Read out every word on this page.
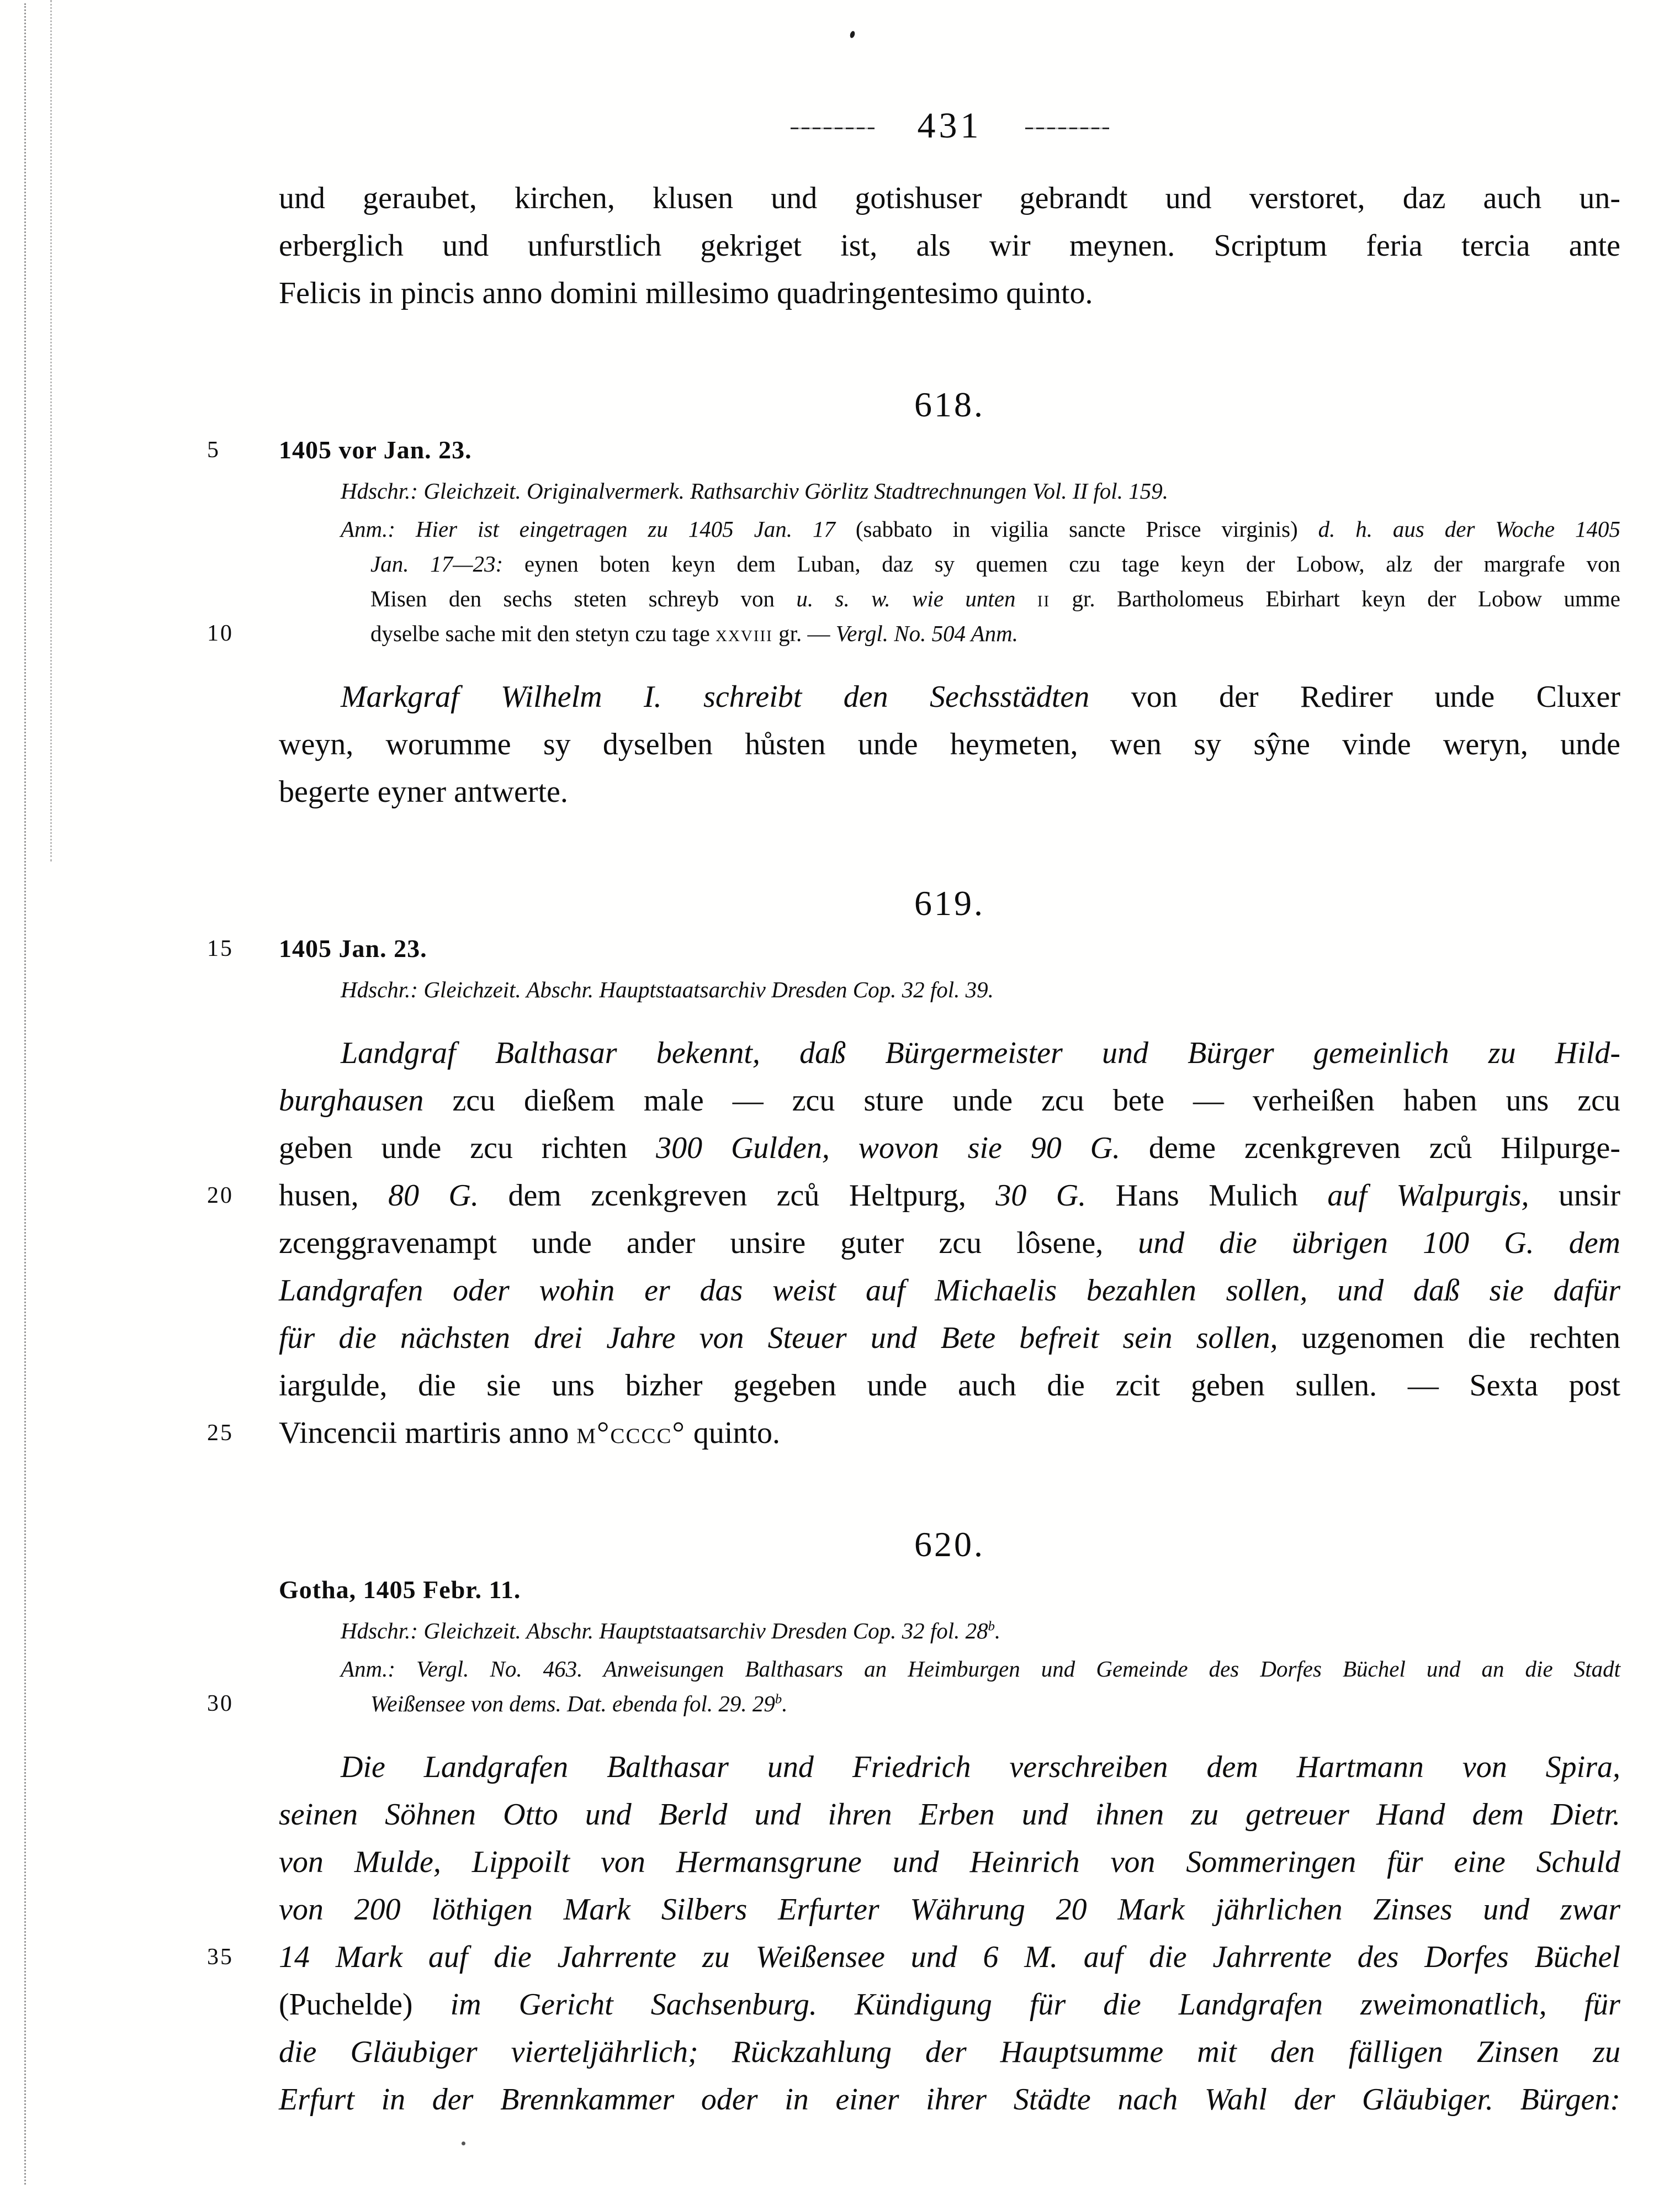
431
und geraubet, kirchen, klusen und gotishuser gebrandt und verstoret, daz auch un-
erberglich und unfurstlich gekriget ist, als wir meynen. Scriptum feria tercia ante
Felicis in pincis anno domini millesimo quadringentesimo quinto.
618.
5	1405 vor Jan. 23.
Hdschr.: Gleichzeit. Originalvermerk. Rathsarchiv Görlitz Stadtrechnungen Vol. II fol. 159.
Anm.: Hier ist eingetragen zu 1405 Jan. 17 (sabbato in vigilia sancte Prisce virginis) d. h. aus der Woche 1405
Jan. 17—23: eynen boten keyn dem Luban, daz sy quemen czu tage keyn der Lobow, alz der margrafe von
Misen den sechs steten schreyb von u. s. w. wie unten ii gr. Bartholomeus Ebirhart keyn der Lobow umme
10	dyselbe sache mit den stetyn czu tage xxviii gr. — Vergl. No. 504 Anm.
Markgraf Wilhelm I. schreibt den Sechsstädten von der Redirer unde Cluxer
weyn, worumme sy dyselben hůsten unde heymeten, wen sy sŷne vinde weryn, unde
begerte eyner antwerte.
619.
15	1405 Jan. 23.
Hdschr.: Gleichzeit. Abschr. Hauptstaatsarchiv Dresden Cop. 32 fol. 39.
Landgraf Balthasar bekennt, daß Bürgermeister und Bürger gemeinlich zu Hild-
burghausen zcu dießem male — zcu sture unde zcu bete — verheißen haben uns zcu
geben unde zcu richten 300 Gulden, wovon sie 90 G. deme zcenkgreven zců Hilpurge-
20	husen, 80 G. dem zcenkgreven zců Heltpurg, 30 G. Hans Mulich auf Walpurgis, unsir
zcenggravenampt unde ander unsire guter zcu lôsene, und die übrigen 100 G. dem
Landgrafen oder wohin er das weist auf Michaelis bezahlen sollen, und daß sie dafür
für die nächsten drei Jahre von Steuer und Bete befreit sein sollen, uzgenomen die rechten
iargulde, die sie uns bizher gegeben unde auch die zcit geben sullen. — Sexta post
25	Vincencii martiris anno m°cccc° quinto.
620.
Gotha, 1405 Febr. 11.
Hdschr.: Gleichzeit. Abschr. Hauptstaatsarchiv Dresden Cop. 32 fol. 28$^b$.
Anm.: Vergl. No. 463. Anweisungen Balthasars an Heimburgen und Gemeinde des Dorfes Büchel und an die Stadt
30	Weißensee von dems. Dat. ebenda fol. 29. 29$^b$.
Die Landgrafen Balthasar und Friedrich verschreiben dem Hartmann von Spira,
seinen Söhnen Otto und Berld und ihren Erben und ihnen zu getreuer Hand dem Dietr.
von Mulde, Lippoilt von Hermansgrune und Heinrich von Sommeringen für eine Schuld
von 200 löthigen Mark Silbers Erfurter Währung 20 Mark jährlichen Zinses und zwar
35	14 Mark auf die Jahrrente zu Weißensee und 6 M. auf die Jahrrente des Dorfes Büchel
(Puchelde) im Gericht Sachsenburg. Kündigung für die Landgrafen zweimonatlich, für
die Gläubiger vierteljährlich; Rückzahlung der Hauptsumme mit den fälligen Zinsen zu
Erfurt in der Brennkammer oder in einer ihrer Städte nach Wahl der Gläubiger. Bürgen:
